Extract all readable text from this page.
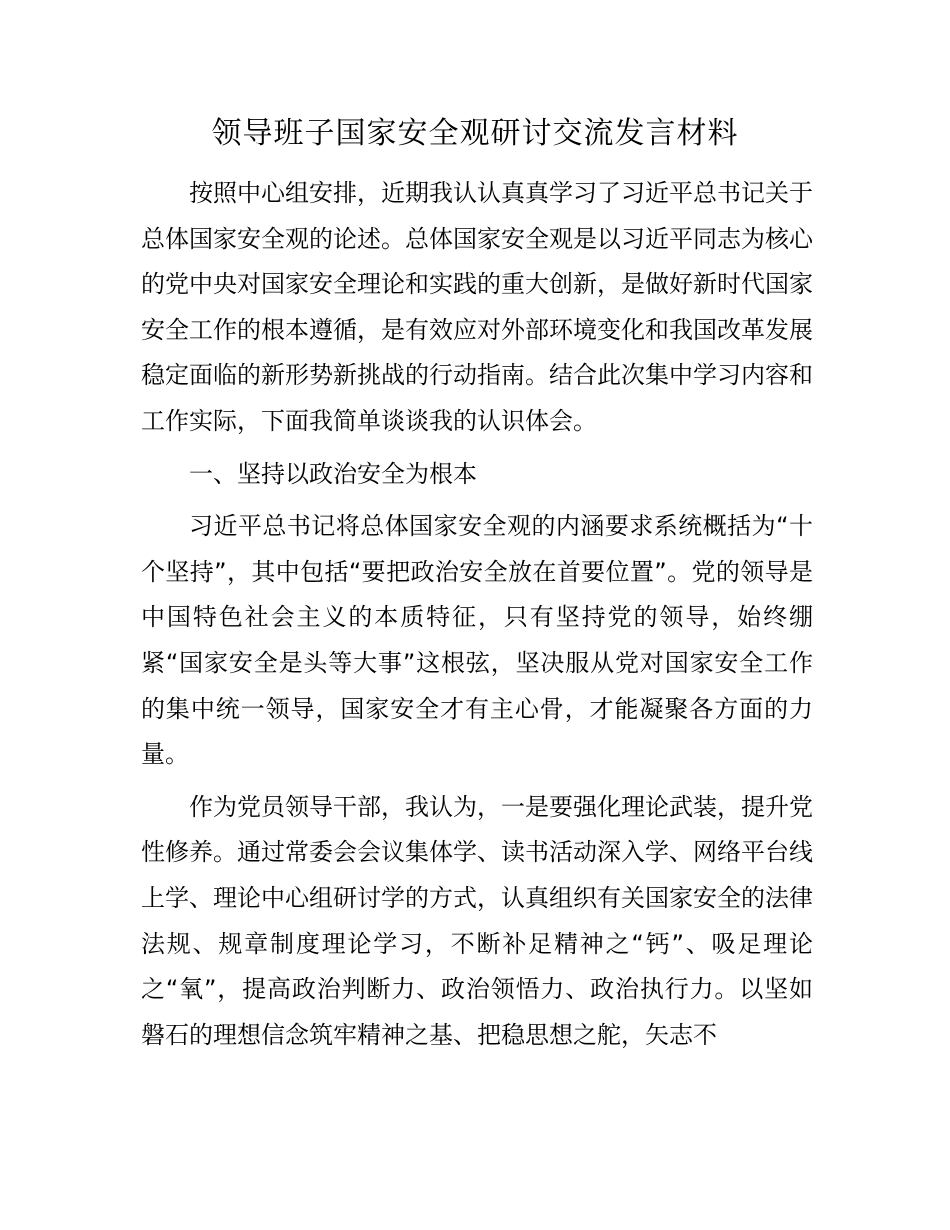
领导班子国家安全观研讨交流发言材料

按照中心组安排，近期我认认真真学习了习近平总书记关于总体国家安全观的论述。总体国家安全观是以习近平同志为核心的党中央对国家安全理论和实践的重大创新，是做好新时代国家安全工作的根本遵循，是有效应对外部环境变化和我国改革发展稳定面临的新形势新挑战的行动指南。结合此次集中学习内容和工作实际，下面我简单谈谈我的认识体会。

一、坚持以政治安全为根本

习近平总书记将总体国家安全观的内涵要求系统概括为“十个坚持”，其中包括“要把政治安全放在首要位置”。党的领导是中国特色社会主义的本质特征，只有坚持党的领导，始终绷紧“国家安全是头等大事”这根弦，坚决服从党对国家安全工作的集中统一领导，国家安全才有主心骨，才能凝聚各方面的力量。

作为党员领导干部，我认为，一是要强化理论武装，提升党性修养。通过常委会会议集体学、读书活动深入学、网络平台线上学、理论中心组研讨学的方式，认真组织有关国家安全的法律法规、规章制度理论学习，不断补足精神之“钙”、吸足理论之“氧”，提高政治判断力、政治领悟力、政治执行力。以坚如磐石的理想信念筑牢精神之基、把稳思想之舵，矢志不
